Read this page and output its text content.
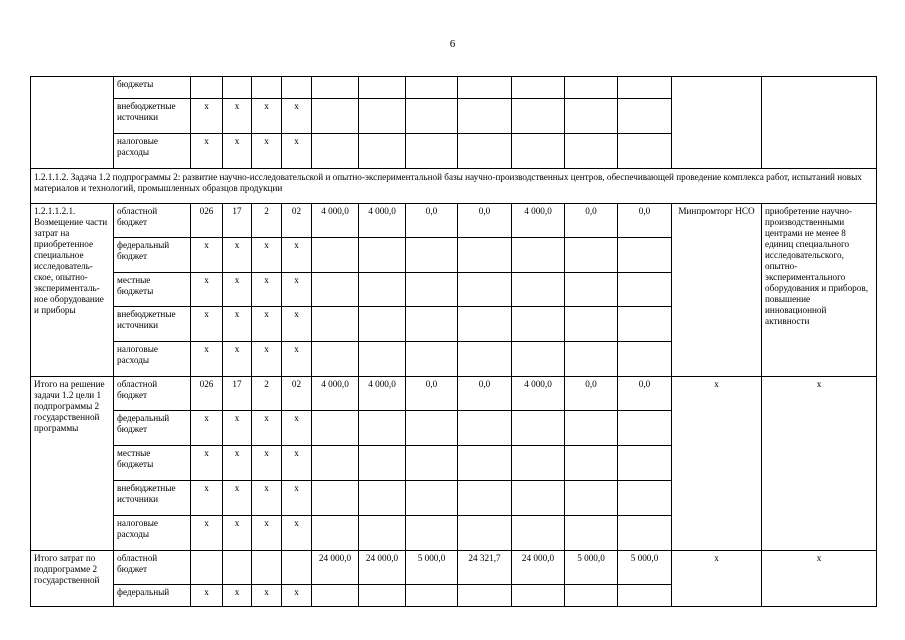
6
	бюджеты													
	внебюджетные источники	х	х	х	х									
	налоговые расходы	х	х	х	х									
1.2.1.1.2. Задача 1.2 подпрограммы 2: развитие научно-исследовательской и опытно-экспериментальной базы научно-производственных центров, обеспечивающей проведение комплекса работ, испытаний новых материалов и технологий, промышленных образцов продукции														
1.2.1.1.2.1. Возмещение части затрат на приобретенное специальное исследователь-ское, опытно-эксперименталь-ное оборудование и приборы	областной бюджет	026	17	2	02	4 000,0	4 000,0	0,0	0,0	4 000,0	0,0	0,0	Минпромторг НСО	приобретение научно-производственными центрами не менее 8 единиц специального исследовательского, опытно-экспериментального оборудования и приборов, повышение инновационной активности
	федеральный бюджет	х	х	х	х									
	местные бюджеты	х	х	х	х									
	внебюджетные источники	х	х	х	х									
	налоговые расходы	х	х	х	х									
Итого на решение задачи 1.2 цели 1 подпрограммы 2 государственной программы	областной бюджет	026	17	2	02	4 000,0	4 000,0	0,0	0,0	4 000,0	0,0	0,0	х	х
	федеральный бюджет	х	х	х	х									
	местные бюджеты	х	х	х	х									
	внебюджетные источники	х	х	х	х									
	налоговые расходы	х	х	х	х									
Итого затрат по подпрограмме 2 государственной	областной бюджет					24 000,0	24 000,0	5 000,0	24 321,7	24 000,0	5 000,0	5 000,0	х	х
	федеральный	х	х	х	х									
